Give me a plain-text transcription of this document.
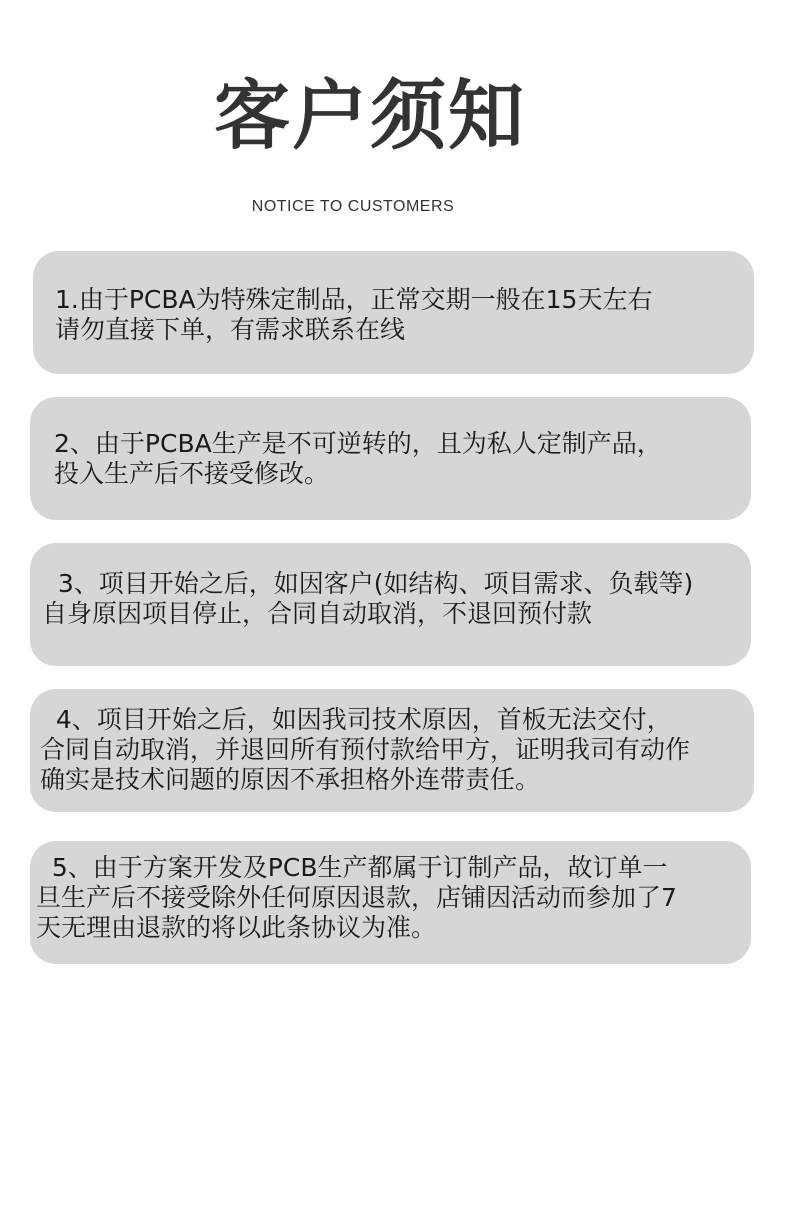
客户须知
NOTICE TO CUSTOMERS

1.由于PCBA为特殊定制品，正常交期一般在15天左右

请勿直接下单，有需求联系在线

2、由于PCBA生产是不可逆转的，且为私人定制产品，

投入生产后不接受修改。

3、项目开始之后，如因客户(如结构、项目需求、负载等)

自身原因项目停止，合同自动取消，不退回预付款

4、项目开始之后，如因我司技术原因，首板无法交付，

合同自动取消，并退回所有预付款给甲方，证明我司有动作

确实是技术问题的原因不承担格外连带责任。

5、由于方案开发及PCB生产都属于订制产品，故订单一

旦生产后不接受除外任何原因退款，店铺因活动而参加了7

天无理由退款的将以此条协议为准。
